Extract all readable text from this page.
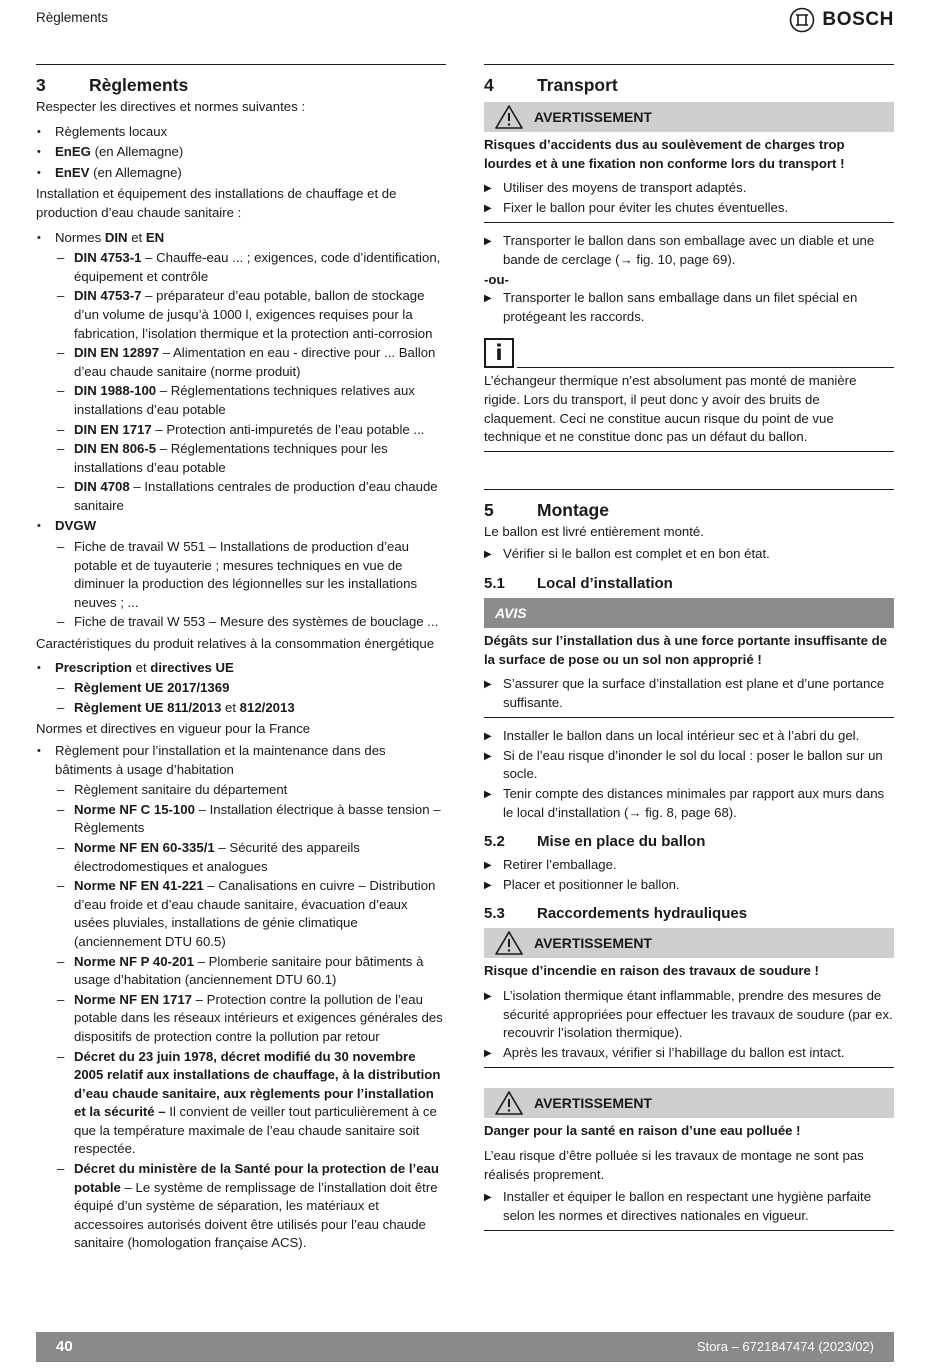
Règlements	BOSCH
3	Règlements

Respecter les directives et normes suivantes :

• Règlements locaux
• EnEG (en Allemagne)
• EnEV (en Allemagne)

Installation et équipement des installations de chauffage et de production d’eau chaude sanitaire :

• Normes DIN et EN
– DIN 4753-1 – Chauffe-eau ... ; exigences, code d’identification, équipement et contrôle
– DIN 4753-7 – préparateur d’eau potable, ballon de stockage d’un volume de jusqu’à 1000 l, exigences requises pour la fabrication, l’isolation thermique et la protection anti-corrosion
– DIN EN 12897 – Alimentation en eau - directive pour ... Ballon d’eau chaude sanitaire (norme produit)
– DIN 1988-100 – Réglementations techniques relatives aux installations d’eau potable
– DIN EN 1717 – Protection anti-impuretés de l’eau potable ...
– DIN EN 806-5 – Réglementations techniques pour les installations d’eau potable
– DIN 4708 – Installations centrales de production d’eau chaude sanitaire
• DVGW
– Fiche de travail W 551 – Installations de production d’eau potable et de tuyauterie ; mesures techniques en vue de diminuer la production des légionnelles sur les installations neuves ; ...
– Fiche de travail W 553 – Mesure des systèmes de bouclage ...

Caractéristiques du produit relatives à la consommation énergétique

• Prescription et directives UE
– Règlement UE 2017/1369
– Règlement UE 811/2013 et 812/2013

Normes et directives en vigueur pour la France

• Règlement pour l’installation et la maintenance dans des bâtiments à usage d’habitation
– Règlement sanitaire du département
– Norme NF C 15-100 – Installation électrique à basse tension – Règlements
– Norme NF EN 60-335/1 – Sécurité des appareils électrodomestiques et analogues
– Norme NF EN 41-221 – Canalisations en cuivre – Distribution d’eau froide et d’eau chaude sanitaire, évacuation d’eaux usées pluviales, installations de génie climatique (anciennement DTU 60.5)
– Norme NF P 40-201 – Plomberie sanitaire pour bâtiments à usage d’habitation (anciennement DTU 60.1)
– Norme NF EN 1717 – Protection contre la pollution de l’eau potable dans les réseaux intérieurs et exigences générales des dispositifs de protection contre la pollution par retour
– Décret du 23 juin 1978, décret modifié du 30 novembre 2005 relatif aux installations de chauffage, à la distribution d’eau chaude sanitaire, aux règlements pour l’installation et la sécurité – Il convient de veiller tout particulièrement à ce que la température maximale de l’eau chaude sanitaire soit respectée.
– Décret du ministère de la Santé pour la protection de l’eau potable – Le système de remplissage de l’installation doit être équipé d’un système de séparation, les matériaux et accessoires autorisés doivent être utilisés pour l’eau chaude sanitaire (homologation française ACS).
4	Transport
AVERTISSEMENT

Risques d’accidents dus au soulèvement de charges trop lourdes et à une fixation non conforme lors du transport !

▶ Utiliser des moyens de transport adaptés.
▶ Fixer le ballon pour éviter les chutes éventuelles.
▶ Transporter le ballon dans son emballage avec un diable et une bande de cerclage (→ fig. 10, page 69).

-ou-

▶ Transporter le ballon sans emballage dans un filet spécial en protégeant les raccords.
i

L’échangeur thermique n’est absolument pas monté de manière rigide. Lors du transport, il peut donc y avoir des bruits de claquement. Ceci ne constitue aucun risque du point de vue technique et ne constitue donc pas un défaut du ballon.

5	Montage

Le ballon est livré entièrement monté.

▶ Vérifier si le ballon est complet et en bon état.
5.1	Local d’installation
AVIS

Dégâts sur l’installation dus à une force portante insuffisante de la surface de pose ou un sol non approprié !

▶ S’assurer que la surface d’installation est plane et d’une portance suffisante.
▶ Installer le ballon dans un local intérieur sec et à l’abri du gel.
▶ Si de l’eau risque d’inonder le sol du local : poser le ballon sur un socle.
▶ Tenir compte des distances minimales par rapport aux murs dans le local d’installation (→ fig. 8, page 68).
5.2	Mise en place du ballon
▶ Retirer l’emballage.
▶ Placer et positionner le ballon.
5.3	Raccordements hydrauliques
AVERTISSEMENT

Risque d’incendie en raison des travaux de soudure !

▶ L’isolation thermique étant inflammable, prendre des mesures de sécurité appropriées pour effectuer les travaux de soudure (par ex. recouvrir l’isolation thermique).
▶ Après les travaux, vérifier si l’habillage du ballon est intact.
AVERTISSEMENT

Danger pour la santé en raison d’une eau polluée !

L’eau risque d’être polluée si les travaux de montage ne sont pas réalisés proprement.

▶ Installer et équiper le ballon en respectant une hygiène parfaite selon les normes et directives nationales en vigueur.
40	Stora – 6721847474 (2023/02)
